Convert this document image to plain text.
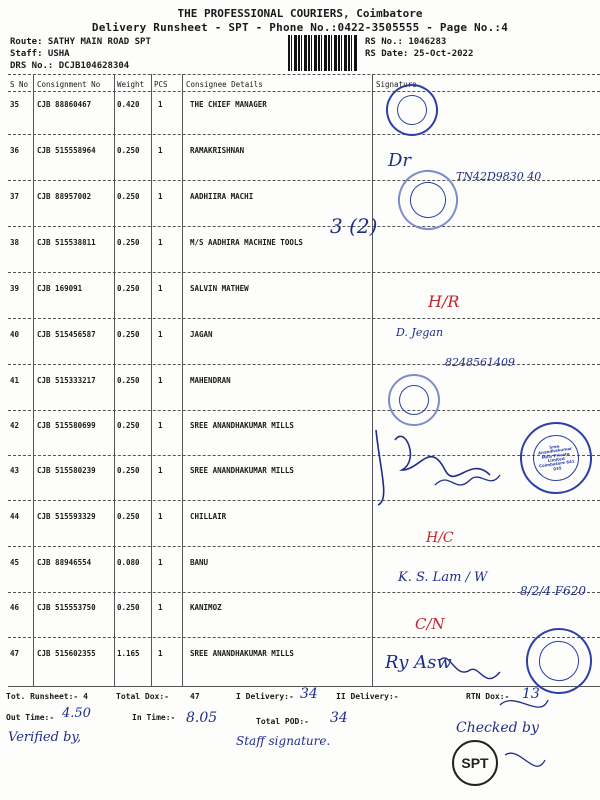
THE PROFESSIONAL COURIERS, Coimbatore
Delivery Runsheet - SPT - Phone No.:0422-3505555 - Page No.:4
Route: SATHY MAIN ROAD SPT
Staff: USHA
DRS No.: DCJB104628304
RS No.: 1046283
RS Date: 25-Oct-2022
S No Consignment No Weight PCS Consignee Details	Signature
35 CJB 88860467	0.420 1	THE CHIEF MANAGER
36 CJB 515558964	0.250 1	RAMAKRISHNAN
37 CJB 88957002	0.250 1	AADHIIRA MACHI
38 CJB 515538811	0.250 1	M/S AADHIRA MACHINE TOOLS
39 CJB 169091	0.250 1	SALVIN MATHEW
40 CJB 515456587	0.250 1	JAGAN
41 CJB 515333217	0.250 1	MAHENDRAN
42 CJB 515580699	0.250 1	SREE ANANDHAKUMAR MILLS
43 CJB 515580239	0.250 1	SREE ANANDHAKUMAR MILLS
44 CJB 515593329	0.250 1	CHILLAIR
45 CJB 88946554	0.080 1	BANU
46 CJB 515553750	0.250 1	KANIMOZ
47 CJB 515602355	1.165 1	SREE ANANDHAKUMAR MILLS
Dr
TN42D9830 40
3 (2)
H/R
D. Jegan
8248561409
Sree Anandhakumar Mills Private Limited Coimbatore 641 035
H/C
K. S. Lam / W
8/2/4 F620
C/N
Ry Asw
Tot. Runsheet:- 4	Total Dox:-	47	I Delivery:- 34 II Delivery:-	RTN Dox:- 13
Out Time:- 4.50	In Time:- 8.05	Total POD:- 34
Verified by,	Staff signature.
Checked by
SPT
